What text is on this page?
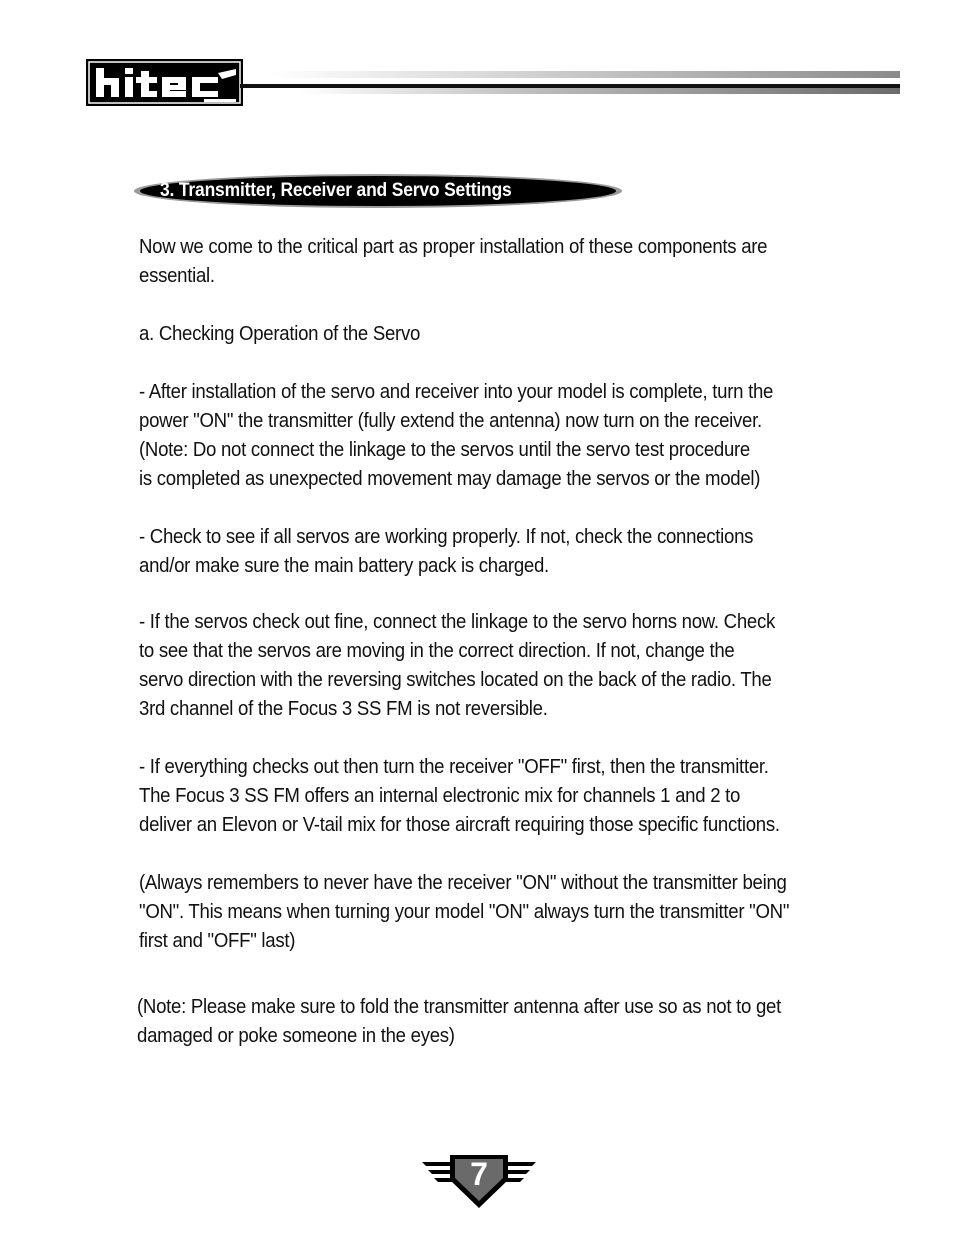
3. Transmitter, Receiver and Servo Settings

Now we come to the critical part as proper installation of these components are
essential.

a. Checking Operation of the Servo

- After installation of the servo and receiver into your model is complete, turn the
power "ON" the transmitter (fully extend the antenna) now turn on the receiver.
(Note: Do not connect the linkage to the servos until the servo test procedure
is completed as unexpected movement may damage the servos or the model)

- Check to see if all servos are working properly. If not, check the connections
and/or make sure the main battery pack is charged.

- If the servos check out fine, connect the linkage to the servo horns now. Check
to see that the servos are moving in the correct direction. If not, change the
servo direction with the reversing switches located on the back of the radio. The
3rd channel of the Focus 3 SS FM is not reversible.

- If everything checks out then turn the receiver "OFF" first, then the transmitter.
The Focus 3 SS FM offers an internal electronic mix for channels 1 and 2 to
deliver an Elevon or V-tail mix for those aircraft requiring those specific functions.

(Always remembers to never have the receiver "ON" without the transmitter being
"ON". This means when turning your model "ON" always turn the transmitter "ON"
first and "OFF" last)

(Note: Please make sure to fold the transmitter antenna after use so as not to get
damaged or poke someone in the eyes)

7
